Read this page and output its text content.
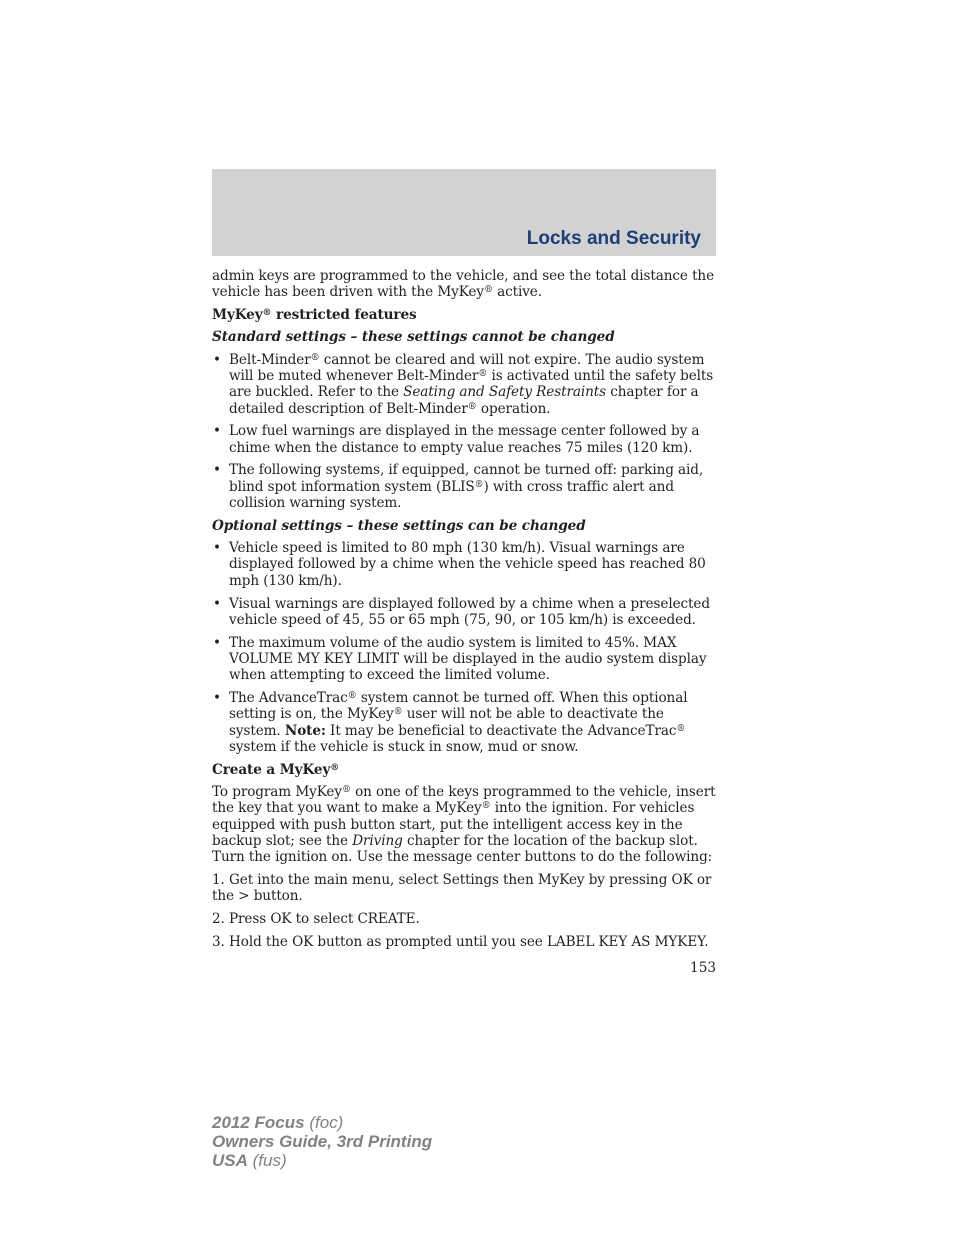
Locks and Security

admin keys are programmed to the vehicle, and see the total distance the vehicle has been driven with the MyKey® active.

MyKey® restricted features

Standard settings – these settings cannot be changed

• Belt-Minder® cannot be cleared and will not expire. The audio system will be muted whenever Belt-Minder® is activated until the safety belts are buckled. Refer to the Seating and Safety Restraints chapter for a detailed description of Belt-Minder® operation.
• Low fuel warnings are displayed in the message center followed by a chime when the distance to empty value reaches 75 miles (120 km).
• The following systems, if equipped, cannot be turned off: parking aid, blind spot information system (BLIS®) with cross traffic alert and collision warning system.

Optional settings – these settings can be changed

• Vehicle speed is limited to 80 mph (130 km/h). Visual warnings are displayed followed by a chime when the vehicle speed has reached 80 mph (130 km/h).
• Visual warnings are displayed followed by a chime when a preselected vehicle speed of 45, 55 or 65 mph (75, 90, or 105 km/h) is exceeded.
• The maximum volume of the audio system is limited to 45%. MAX VOLUME MY KEY LIMIT will be displayed in the audio system display when attempting to exceed the limited volume.
• The AdvanceTrac® system cannot be turned off. When this optional setting is on, the MyKey® user will not be able to deactivate the system. Note: It may be beneficial to deactivate the AdvanceTrac® system if the vehicle is stuck in snow, mud or snow.

Create a MyKey®

To program MyKey® on one of the keys programmed to the vehicle, insert the key that you want to make a MyKey® into the ignition. For vehicles equipped with push button start, put the intelligent access key in the backup slot; see the Driving chapter for the location of the backup slot. Turn the ignition on. Use the message center buttons to do the following:

1. Get into the main menu, select Settings then MyKey by pressing OK or the > button.
2. Press OK to select CREATE.
3. Hold the OK button as prompted until you see LABEL KEY AS MYKEY.
153
2012 Focus (foc)
Owners Guide, 3rd Printing
USA (fus)
